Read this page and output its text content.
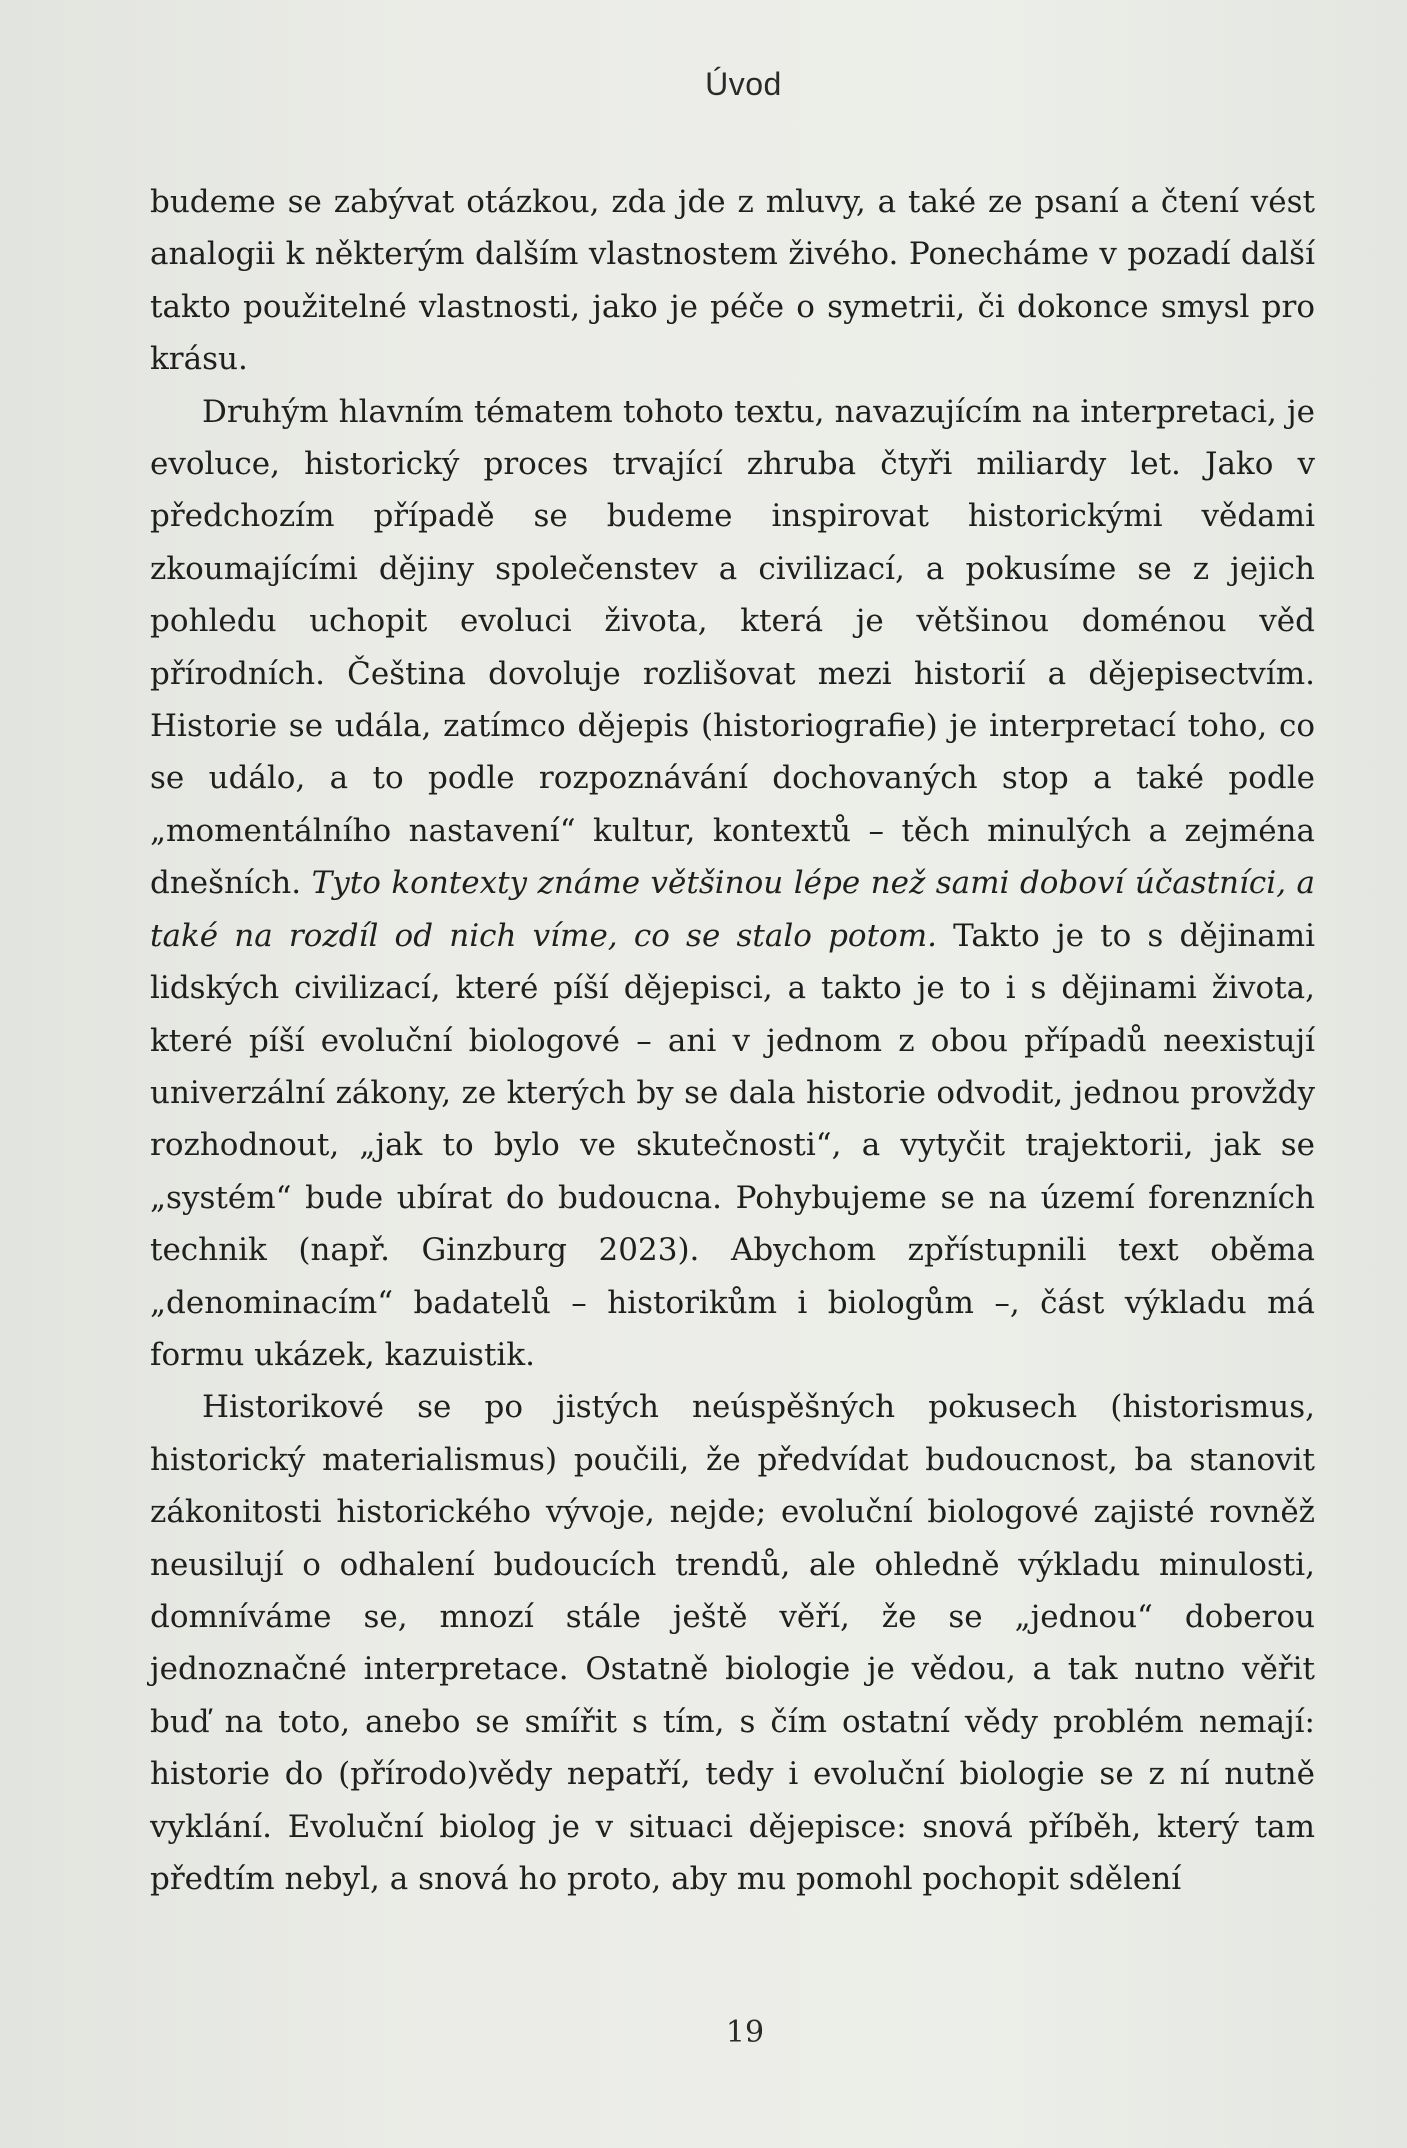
Úvod

budeme se zabývat otázkou, zda jde z mluvy, a také ze psaní a čtení vést analogii k některým dalším vlastnostem živého. Ponecháme v pozadí další takto použitelné vlastnosti, jako je péče o symetrii, či dokonce smysl pro krásu.

Druhým hlavním tématem tohoto textu, navazujícím na interpretaci, je evoluce, historický proces trvající zhruba čtyři miliardy let. Jako v předchozím případě se budeme inspirovat historickými vědami zkoumajícími dějiny společenstev a civilizací, a pokusíme se z jejich pohledu uchopit evoluci života, která je většinou doménou věd přírodních. Čeština dovoluje rozlišovat mezi historií a dějepisectvím. Historie se udála, zatímco dějepis (historiografie) je interpretací toho, co se událo, a to podle rozpoznávání dochovaných stop a také podle „momentálního nastavení“ kultur, kontextů – těch minulých a zejména dnešních. Tyto kontexty známe většinou lépe než sami doboví účastníci, a také na rozdíl od nich víme, co se stalo potom. Takto je to s dějinami lidských civilizací, které píší dějepisci, a takto je to i s dějinami života, které píší evoluční biologové – ani v jednom z obou případů neexistují univerzální zákony, ze kterých by se dala historie odvodit, jednou provždy rozhodnout, „jak to bylo ve skutečnosti“, a vytyčit trajektorii, jak se „systém“ bude ubírat do budoucna. Pohybujeme se na území forenzních technik (např. Ginzburg 2023). Abychom zpřístupnili text oběma „denominacím“ badatelů – historikům i biologům –, část výkladu má formu ukázek, kazuistik.

Historikové se po jistých neúspěšných pokusech (historismus, historický materialismus) poučili, že předvídat budoucnost, ba stanovit zákonitosti historického vývoje, nejde; evoluční biologové zajisté rovněž neusilují o odhalení budoucích trendů, ale ohledně výkladu minulosti, domníváme se, mnozí stále ještě věří, že se „jednou“ doberou jednoznačné interpretace. Ostatně biologie je vědou, a tak nutno věřit buď na toto, anebo se smířit s tím, s čím ostatní vědy problém nemají: historie do (přírodo)vědy nepatří, tedy i evoluční biologie se z ní nutně vyklání. Evoluční biolog je v situaci dějepisce: snová příběh, který tam předtím nebyl, a snová ho proto, aby mu pomohl pochopit sdělení

19
